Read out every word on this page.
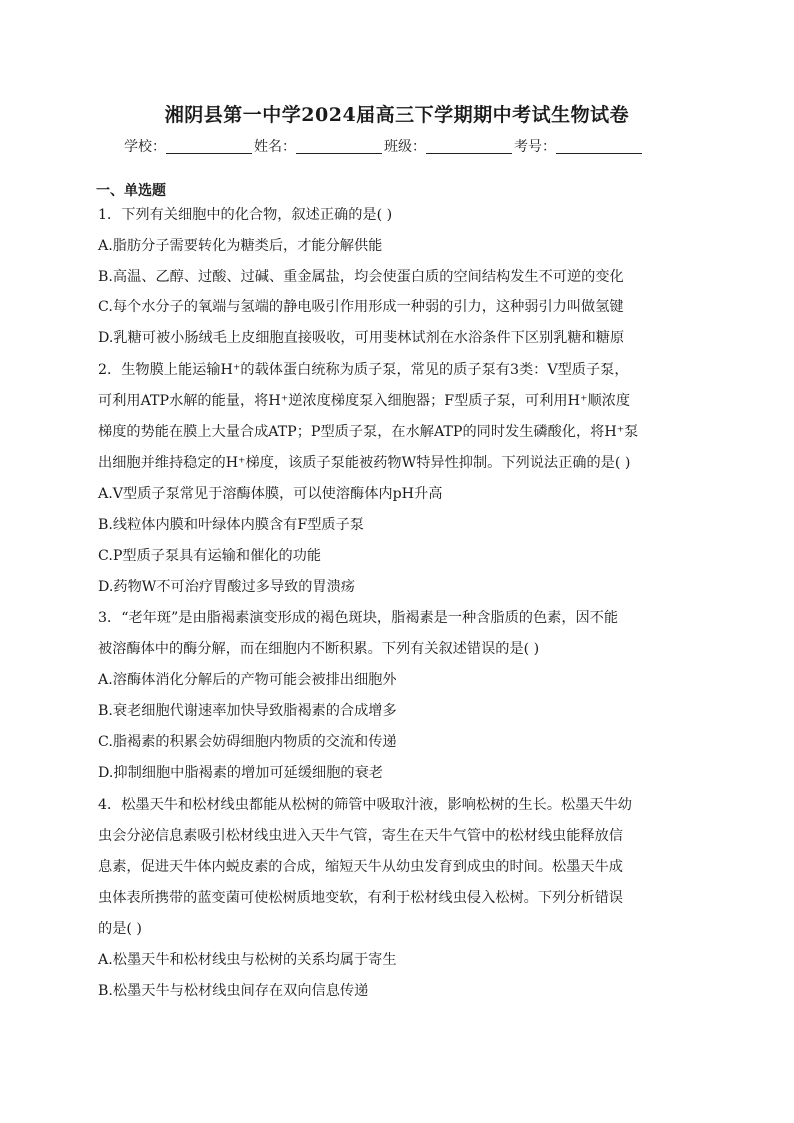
湘阴县第一中学2024届高三下学期期中考试生物试卷
学校：	姓名：	班级：	考号：
一、单选题
1．下列有关细胞中的化合物，叙述正确的是( )
A.脂肪分子需要转化为糖类后，才能分解供能
B.高温、乙醇、过酸、过碱、重金属盐，均会使蛋白质的空间结构发生不可逆的变化
C.每个水分子的氧端与氢端的静电吸引作用形成一种弱的引力，这种弱引力叫做氢键
D.乳糖可被小肠绒毛上皮细胞直接吸收，可用斐林试剂在水浴条件下区别乳糖和糖原
2．生物膜上能运输H⁺的载体蛋白统称为质子泵，常见的质子泵有3类：V型质子泵，
可利用ATP水解的能量，将H⁺逆浓度梯度泵入细胞器；F型质子泵，可利用H⁺顺浓度
梯度的势能在膜上大量合成ATP；P型质子泵，在水解ATP的同时发生磷酸化，将H⁺泵
出细胞并维持稳定的H⁺梯度，该质子泵能被药物W特异性抑制。下列说法正确的是( )
A.V型质子泵常见于溶酶体膜，可以使溶酶体内pH升高
B.线粒体内膜和叶绿体内膜含有F型质子泵
C.P型质子泵具有运输和催化的功能
D.药物W不可治疗胃酸过多导致的胃溃疡
3．“老年斑”是由脂褐素演变形成的褐色斑块，脂褐素是一种含脂质的色素，因不能
被溶酶体中的酶分解，而在细胞内不断积累。下列有关叙述错误的是( )
A.溶酶体消化分解后的产物可能会被排出细胞外
B.衰老细胞代谢速率加快导致脂褐素的合成增多
C.脂褐素的积累会妨碍细胞内物质的交流和传递
D.抑制细胞中脂褐素的增加可延缓细胞的衰老
4．松墨天牛和松材线虫都能从松树的筛管中吸取汁液，影响松树的生长。松墨天牛幼
虫会分泌信息素吸引松材线虫进入天牛气管，寄生在天牛气管中的松材线虫能释放信
息素，促进天牛体内蜕皮素的合成，缩短天牛从幼虫发育到成虫的时间。松墨天牛成
虫体表所携带的蓝变菌可使松树质地变软，有利于松材线虫侵入松树。下列分析错误
的是( )
A.松墨天牛和松材线虫与松树的关系均属于寄生
B.松墨天牛与松材线虫间存在双向信息传递
